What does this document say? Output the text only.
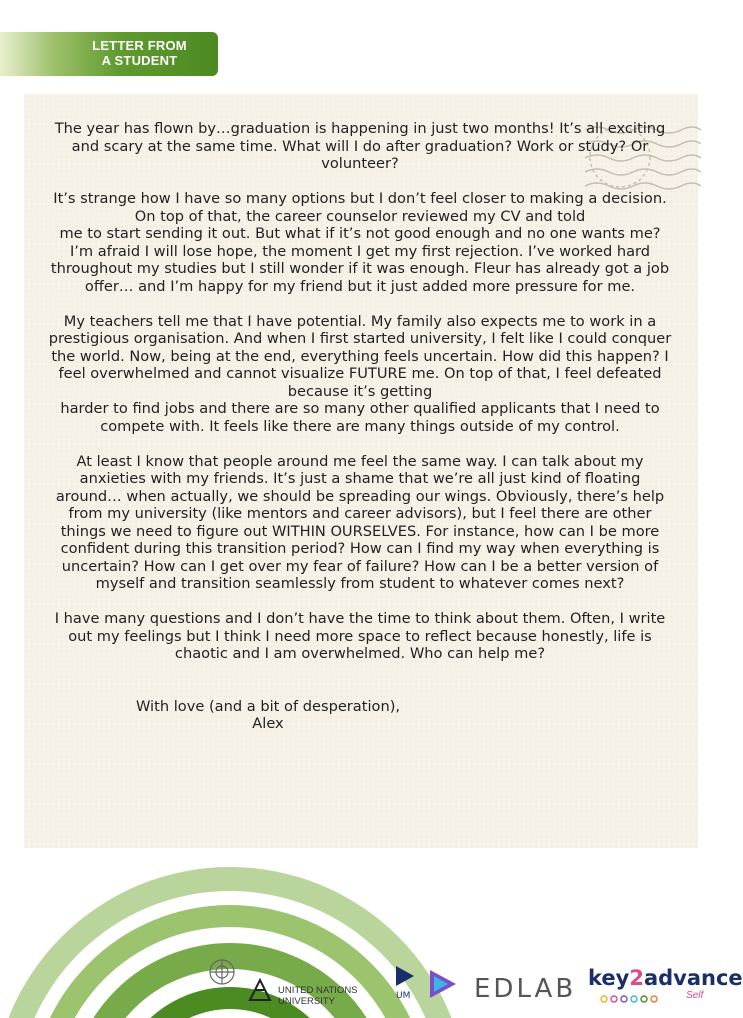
LETTER FROM
A STUDENT

The year has flown by…graduation is happening in just two months! It’s all exciting and scary at the same time. What will I do after graduation? Work or study? Or volunteer?

It’s strange how I have so many options but I don’t feel closer to making a decision. On top of that, the career counselor reviewed my CV and told
me to start sending it out. But what if it’s not good enough and no one wants me? I’m afraid I will lose hope, the moment I get my first rejection. I’ve worked hard throughout my studies but I still wonder if it was enough. Fleur has already got a job offer… and I’m happy for my friend but it just added more pressure for me.

My teachers tell me that I have potential. My family also expects me to work in a prestigious organisation. And when I first started university, I felt like I could conquer the world. Now, being at the end, everything feels uncertain. How did this happen? I feel overwhelmed and cannot visualize FUTURE me. On top of that, I feel defeated because it’s getting
harder to find jobs and there are so many other qualified applicants that I need to compete with. It feels like there are many things outside of my control.

At least I know that people around me feel the same way. I can talk about my anxieties with my friends. It’s just a shame that we’re all just kind of floating around… when actually, we should be spreading our wings. Obviously, there’s help from my university (like mentors and career advisors), but I feel there are other things we need to figure out WITHIN OURSELVES. For instance, how can I be more confident during this transition period? How can I find my way when everything is uncertain? How can I get over my fear of failure? How can I be a better version of myself and transition seamlessly from student to whatever comes next?

I have many questions and I don’t have the time to think about them. Often, I write out my feelings but I think I need more space to reflect because honestly, life is chaotic and I am overwhelmed. Who can help me?

With love (and a bit of desperation),
Alex

UM
UNITED NATIONS
UNIVERSITY	EDLAB key2advance
Self
